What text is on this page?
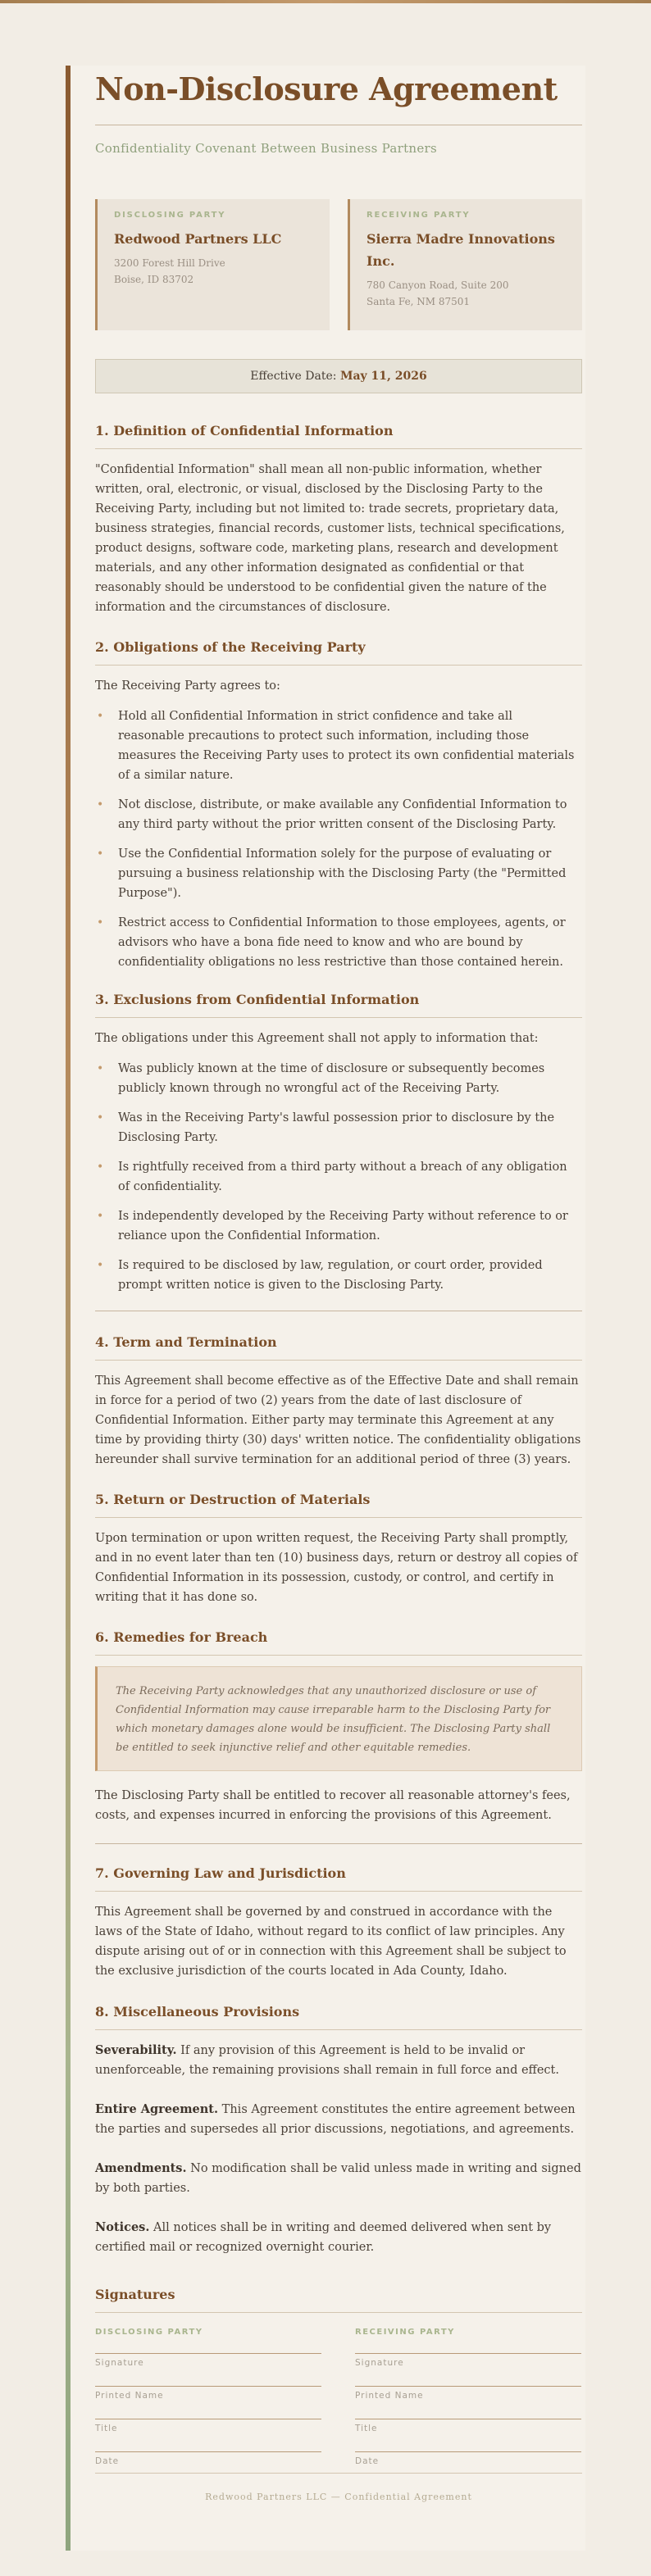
Non-Disclosure Agreement
Confidentiality Covenant Between Business Partners
DISCLOSING PARTY
Redwood Partners LLC
3200 Forest Hill Drive
Boise, ID 83702
RECEIVING PARTY
Sierra Madre Innovations Inc.
780 Canyon Road, Suite 200
Santa Fe, NM 87501
Effective Date: May 11, 2026
1. Definition of Confidential Information

"Confidential Information" shall mean all non-public information, whether written, oral, electronic, or visual, disclosed by the Disclosing Party to the Receiving Party, including but not limited to: trade secrets, proprietary data, business strategies, financial records, customer lists, technical specifications, product designs, software code, marketing plans, research and development materials, and any other information designated as confidential or that reasonably should be understood to be confidential given the nature of the information and the circumstances of disclosure.

2. Obligations of the Receiving Party

The Receiving Party agrees to:

• Hold all Confidential Information in strict confidence and take all reasonable precautions to protect such information, including those measures the Receiving Party uses to protect its own confidential materials of a similar nature.
• Not disclose, distribute, or make available any Confidential Information to any third party without the prior written consent of the Disclosing Party.
• Use the Confidential Information solely for the purpose of evaluating or pursuing a business relationship with the Disclosing Party (the "Permitted Purpose").
• Restrict access to Confidential Information to those employees, agents, or advisors who have a bona fide need to know and who are bound by confidentiality obligations no less restrictive than those contained herein.
3. Exclusions from Confidential Information

The obligations under this Agreement shall not apply to information that:

• Was publicly known at the time of disclosure or subsequently becomes publicly known through no wrongful act of the Receiving Party.
• Was in the Receiving Party's lawful possession prior to disclosure by the Disclosing Party.
• Is rightfully received from a third party without a breach of any obligation of confidentiality.
• Is independently developed by the Receiving Party without reference to or reliance upon the Confidential Information.
• Is required to be disclosed by law, regulation, or court order, provided prompt written notice is given to the Disclosing Party.
4. Term and Termination

This Agreement shall become effective as of the Effective Date and shall remain in force for a period of two (2) years from the date of last disclosure of Confidential Information. Either party may terminate this Agreement at any time by providing thirty (30) days' written notice. The confidentiality obligations hereunder shall survive termination for an additional period of three (3) years.

5. Return or Destruction of Materials

Upon termination or upon written request, the Receiving Party shall promptly, and in no event later than ten (10) business days, return or destroy all copies of Confidential Information in its possession, custody, or control, and certify in writing that it has done so.

6. Remedies for Breach
The Receiving Party acknowledges that any unauthorized disclosure or use of Confidential Information may cause irreparable harm to the Disclosing Party for which monetary damages alone would be insufficient. The Disclosing Party shall be entitled to seek injunctive relief and other equitable remedies.

The Disclosing Party shall be entitled to recover all reasonable attorney's fees, costs, and expenses incurred in enforcing the provisions of this Agreement.

7. Governing Law and Jurisdiction

This Agreement shall be governed by and construed in accordance with the laws of the State of Idaho, without regard to its conflict of law principles. Any dispute arising out of or in connection with this Agreement shall be subject to the exclusive jurisdiction of the courts located in Ada County, Idaho.

8. Miscellaneous Provisions

Severability. If any provision of this Agreement is held to be invalid or unenforceable, the remaining provisions shall remain in full force and effect.

Entire Agreement. This Agreement constitutes the entire agreement between the parties and supersedes all prior discussions, negotiations, and agreements.

Amendments. No modification shall be valid unless made in writing and signed by both parties.

Notices. All notices shall be in writing and deemed delivered when sent by certified mail or recognized overnight courier.

Signatures
DISCLOSING PARTY
Signature
Printed Name
Title
Date
RECEIVING PARTY
Signature
Printed Name
Title
Date
Redwood Partners LLC — Confidential Agreement
